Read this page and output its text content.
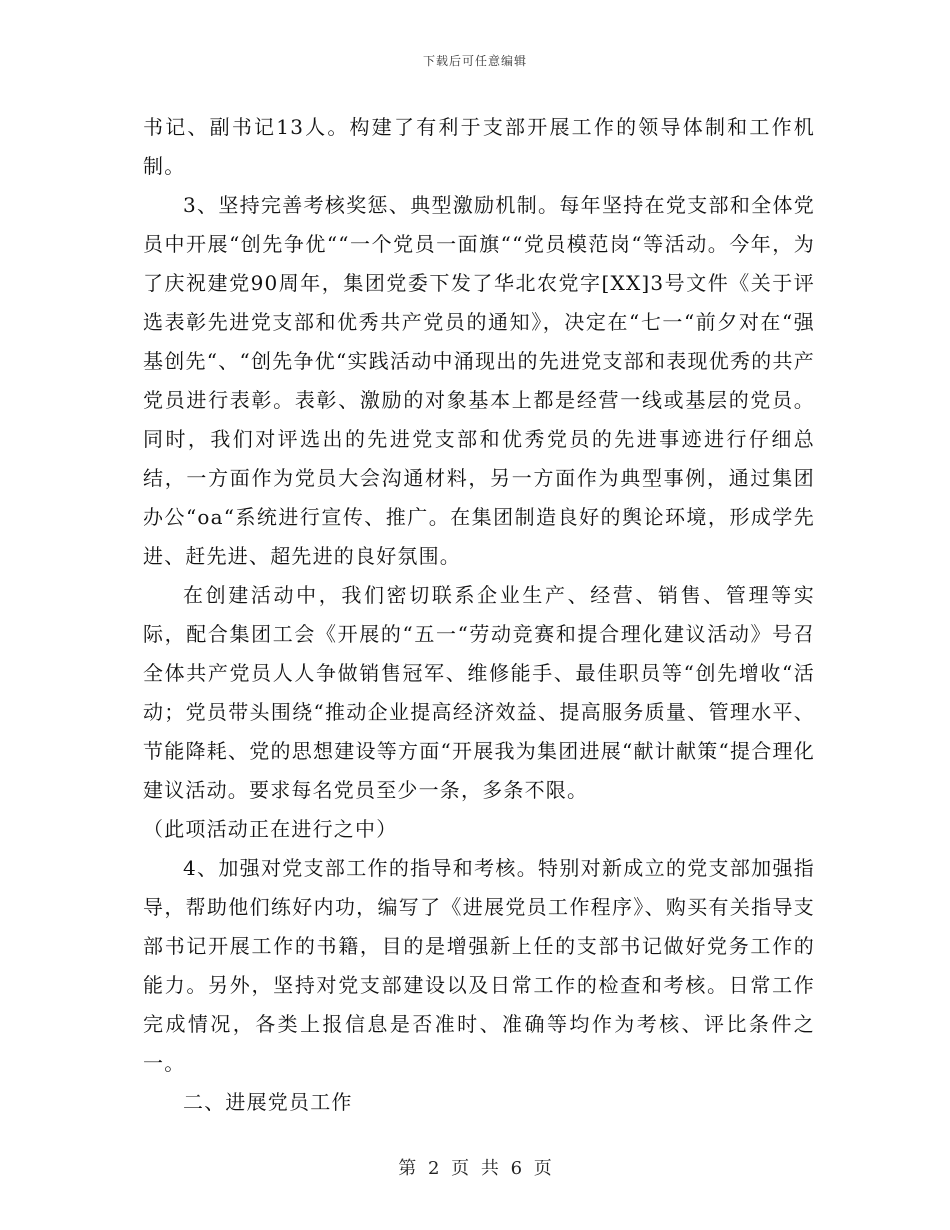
下载后可任意编辑

书记、副书记13人。构建了有利于支部开展工作的领导体制和工作机制。

3、坚持完善考核奖惩、典型激励机制。每年坚持在党支部和全体党员中开展“创先争优““一个党员一面旗““党员模范岗“等活动。今年，为了庆祝建党90周年，集团党委下发了华北农党字[XX]3号文件《关于评选表彰先进党支部和优秀共产党员的通知》，决定在“七一“前夕对在“强基创先“、“创先争优“实践活动中涌现出的先进党支部和表现优秀的共产党员进行表彰。表彰、激励的对象基本上都是经营一线或基层的党员。同时，我们对评选出的先进党支部和优秀党员的先进事迹进行仔细总结，一方面作为党员大会沟通材料，另一方面作为典型事例，通过集团办公“oa“系统进行宣传、推广。在集团制造良好的舆论环境，形成学先进、赶先进、超先进的良好氛围。

在创建活动中，我们密切联系企业生产、经营、销售、管理等实际，配合集团工会《开展的“五一“劳动竞赛和提合理化建议活动》号召全体共产党员人人争做销售冠军、维修能手、最佳职员等“创先增收“活动；党员带头围绕“推动企业提高经济效益、提高服务质量、管理水平、节能降耗、党的思想建设等方面“开展我为集团进展“献计献策“提合理化建议活动。要求每名党员至少一条，多条不限。

（此项活动正在进行之中）

4、加强对党支部工作的指导和考核。特别对新成立的党支部加强指导，帮助他们练好内功，编写了《进展党员工作程序》、购买有关指导支部书记开展工作的书籍，目的是增强新上任的支部书记做好党务工作的能力。另外，坚持对党支部建设以及日常工作的检查和考核。日常工作完成情况，各类上报信息是否准时、准确等均作为考核、评比条件之一。

二、进展党员工作

第 2 页 共 6 页
